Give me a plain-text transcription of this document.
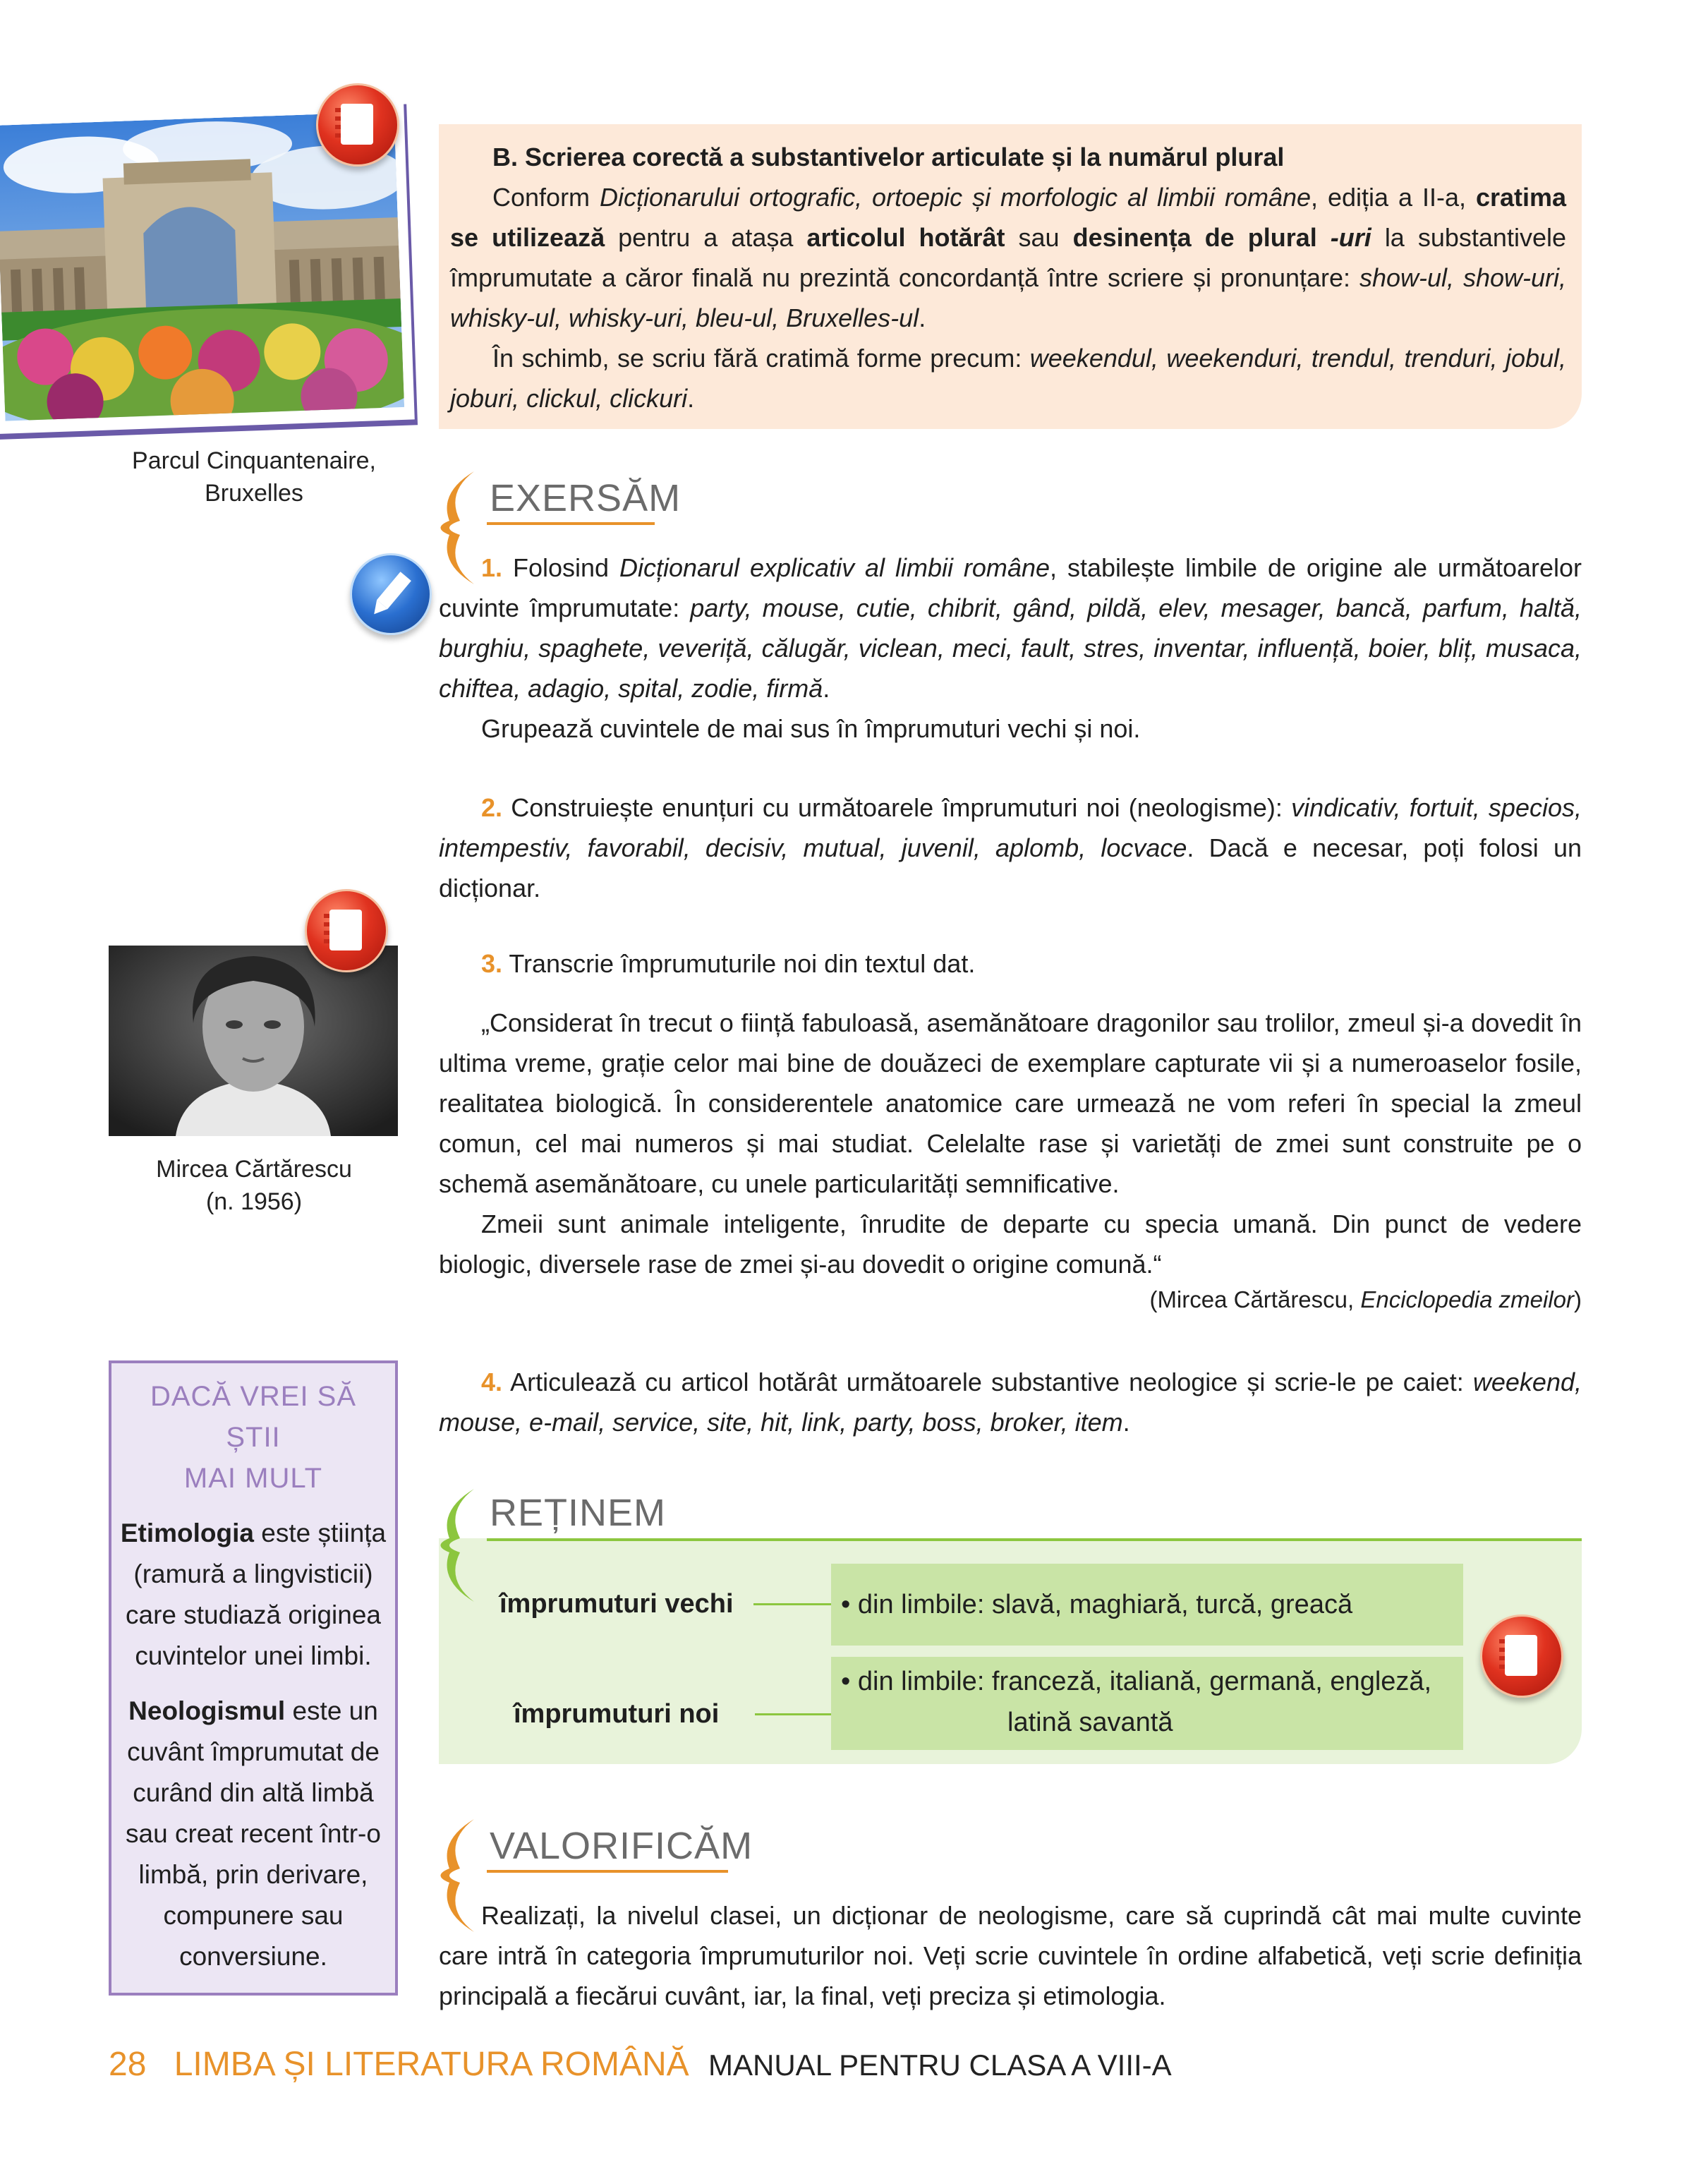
Parcul Cinquantenaire,
Bruxelles

B. Scrierea corectă a substantivelor articulate și la numărul plural

Conform Dicționarului ortografic, ortoepic și morfologic al limbii române, ediția a II-a, cratima se utilizează pentru a atașa articolul hotărât sau desinența de plural -uri la substantivele împrumutate a căror finală nu prezintă concordanță între scriere și pronunțare: show-ul, show-uri, whisky-ul, whisky-uri, bleu-ul, Bruxelles-ul.

În schimb, se scriu fără cratimă forme precum: weekendul, weekenduri, trendul, trenduri, jobul, joburi, clickul, clickuri.

EXERSĂM
1. Folosind Dicționarul explicativ al limbii române, stabilește limbile de origine ale următoarelor cuvinte împrumutate: party, mouse, cutie, chibrit, gând, pildă, elev, mesager, bancă, parfum, haltă, burghiu, spaghete, veveriță, călugăr, viclean, meci, fault, stres, inventar, influență, boier, bliț, musaca, chiftea, adagio, spital, zodie, firmă.
Grupează cuvintele de mai sus în împrumuturi vechi și noi.
2. Construiește enunțuri cu următoarele împrumuturi noi (neologisme): vindicativ, fortuit, specios, intempestiv, favorabil, decisiv, mutual, juvenil, aplomb, locvace. Dacă e necesar, poți folosi un dicționar.
Mircea Cărtărescu
(n. 1956)
3. Transcrie împrumuturile noi din textul dat.
„Considerat în trecut o ființă fabuloasă, asemănătoare dragonilor sau trolilor, zmeul și-a dovedit în ultima vreme, grație celor mai bine de douăzeci de exemplare capturate vii și a numeroaselor fosile, realitatea biologică. În considerentele anatomice care urmează ne vom referi în special la zmeul comun, cel mai numeros și mai studiat. Celelalte rase și varietăți de zmei sunt construite pe o schemă asemănătoare, cu unele particularități semnificative.
Zmeii sunt animale inteligente, înrudite de departe cu specia umană. Din punct de vedere biologic, diversele rase de zmei și-au dovedit o origine comună.“
(Mircea Cărtărescu, Enciclopedia zmeilor)
DACĂ VREI SĂ ȘTII
MAI MULT

Etimologia este știința (ramură a lingvisticii) care studiază originea cuvintelor unei limbi.

Neologismul este un cuvânt împrumutat de curând din altă limbă sau creat recent într-o limbă, prin derivare, compunere sau conversiune.

4. Articulează cu articol hotărât următoarele substantive neologice și scrie-le pe caiet: weekend, mouse, e-mail, service, site, hit, link, party, boss, broker, item.
REȚINEM
împrumuturi vechi	• din limbile: slavă, maghiară, turcă, greacă
împrumuturi noi
• din limbile: franceză, italiană, germană, engleză,
latină savantă
VALORIFICĂM
Realizați, la nivelul clasei, un dicționar de neologisme, care să cuprindă cât mai multe cuvinte care intră în categoria împrumuturilor noi. Veți scrie cuvintele în ordine alfabetică, veți scrie definiția principală a fiecărui cuvânt, iar, la final, veți preciza și etimologia.
28 LIMBA ȘI LITERATURA ROMÂNĂ MANUAL PENTRU CLASA A VIII-A
